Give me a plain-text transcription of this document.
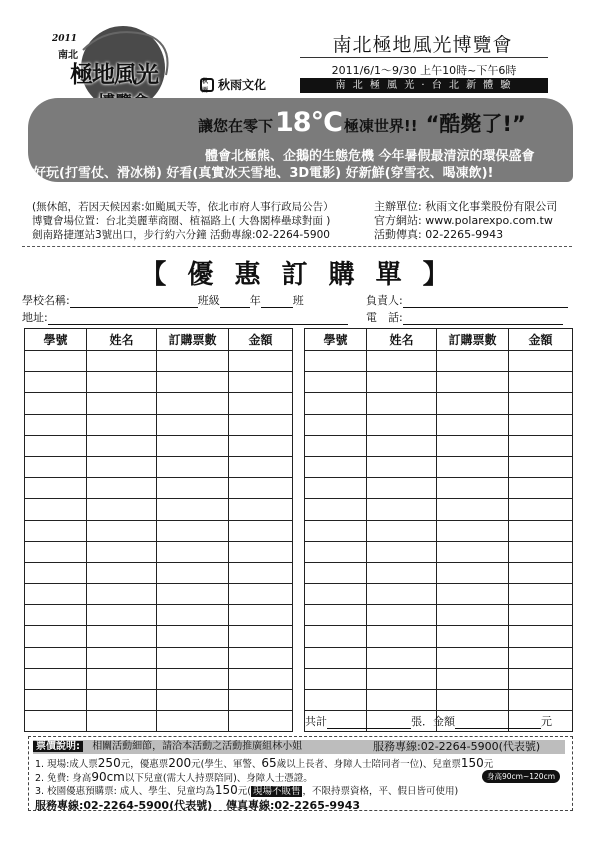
2011
南北
極地風光	秋雨 秋雨文化
南北極地風光博覽會
2011/6/1～9/30 上午10時~下午6時
南 北 極 風 光 · 台 北 新 體 驗
讓您在零下 18°C 極凍世界!! “酷斃了!”
體會北極熊、企鵝的生態危機 今年暑假最清涼的環保盛會
好玩(打雪仗、滑冰梯) 好看(真實冰天雪地、3D電影) 好新鮮(穿雪衣、喝凍飲)!
(無休館，若因天候因素:如颱風天等，依北市府人事行政局公告）
博覽會場位置：台北美麗華商圈、植福路上( 大魯閣棒壘球對面 )
劍南路捷運站3號出口，步行約六分鐘 活動專線:02-2264-5900
主辦單位: 秋雨文化事業股份有限公司
官方網站: www.polarexpo.com.tw
活動傳真: 02-2265-9943
【 優 惠 訂 購 單 】
學校名稱:	班級	年	班	負責人:
地址:	電　話:
學號	姓名	訂購票數	金額

				學號	姓名	訂購票數	金額

共計	張．金額	元
票價說明: 相關活動細節，請洽本活動之活動推廣組林小姐	服務專線:02-2264-5900(代表號)
1. 現場:成人票250元，優惠票200元(學生、軍警、65歲以上長者、身障人士陪同者一位)、兒童票150元
2. 免費: 身高90cm以下兒童(需大人持票陪同)、身障人士憑證。	身高90cm~120cm
3. 校園優惠預購票: 成人、學生、兒童均為150元( 現場不販售 ，不限持票資格，平、假日皆可使用)
服務專線:02-2264-5900(代表號) 傳真專線:02-2265-9943
